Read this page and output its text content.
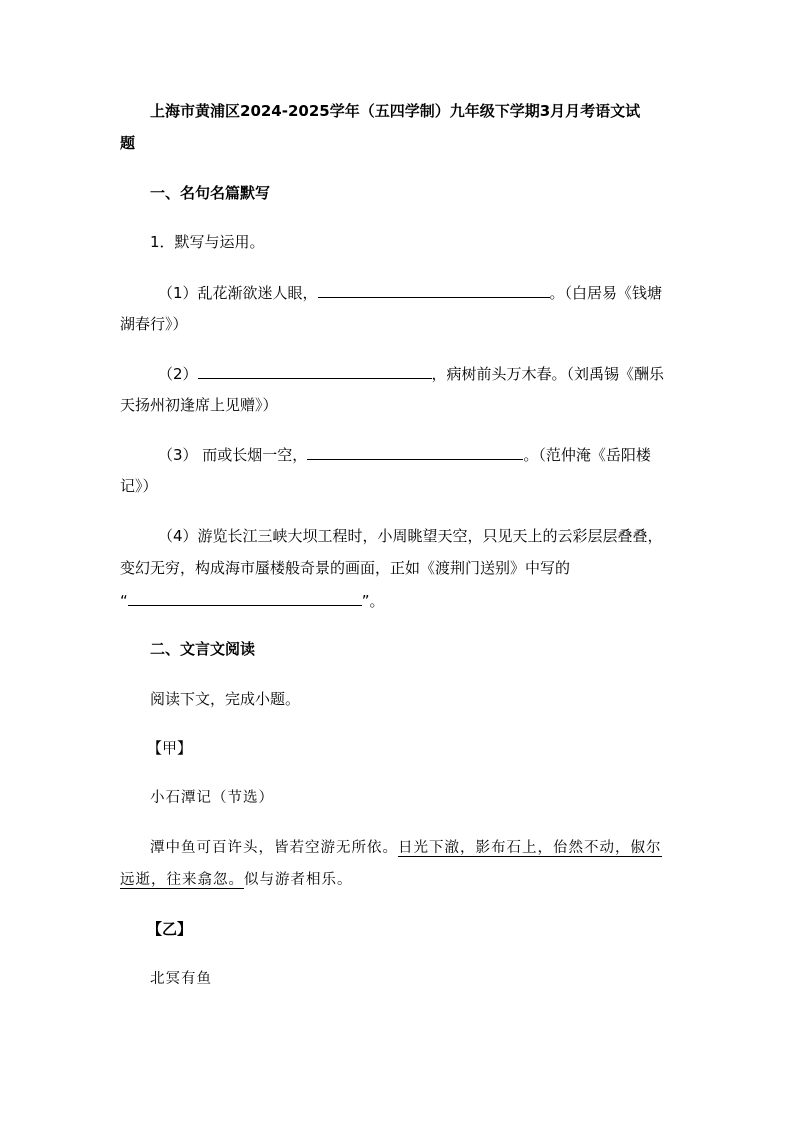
上海市黄浦区2024-2025学年（五四学制）九年级下学期3月月考语文试
题
一、名句名篇默写
1．默写与运用。
（1）乱花渐欲迷人眼，	。（白居易《钱塘
湖春行》）
（2）	，病树前头万木春。（刘禹锡《酬乐
天扬州初逢席上见赠》）
（3） 而或长烟一空，	。（范仲淹《岳阳楼
记》）
（4）游览长江三峡大坝工程时，小周眺望天空，只见天上的云彩层层叠叠，
变幻无穷，构成海市蜃楼般奇景的画面，正如《渡荆门送别》中写的
“	”。
二、文言文阅读
阅读下文，完成小题。
【甲】
小石潭记（节选）
潭中鱼可百许头，皆若空游无所依。日光下澈，影布石上，佁然不动，俶尔
远逝，往来翕忽。似与游者相乐。
【乙】
北冥有鱼
